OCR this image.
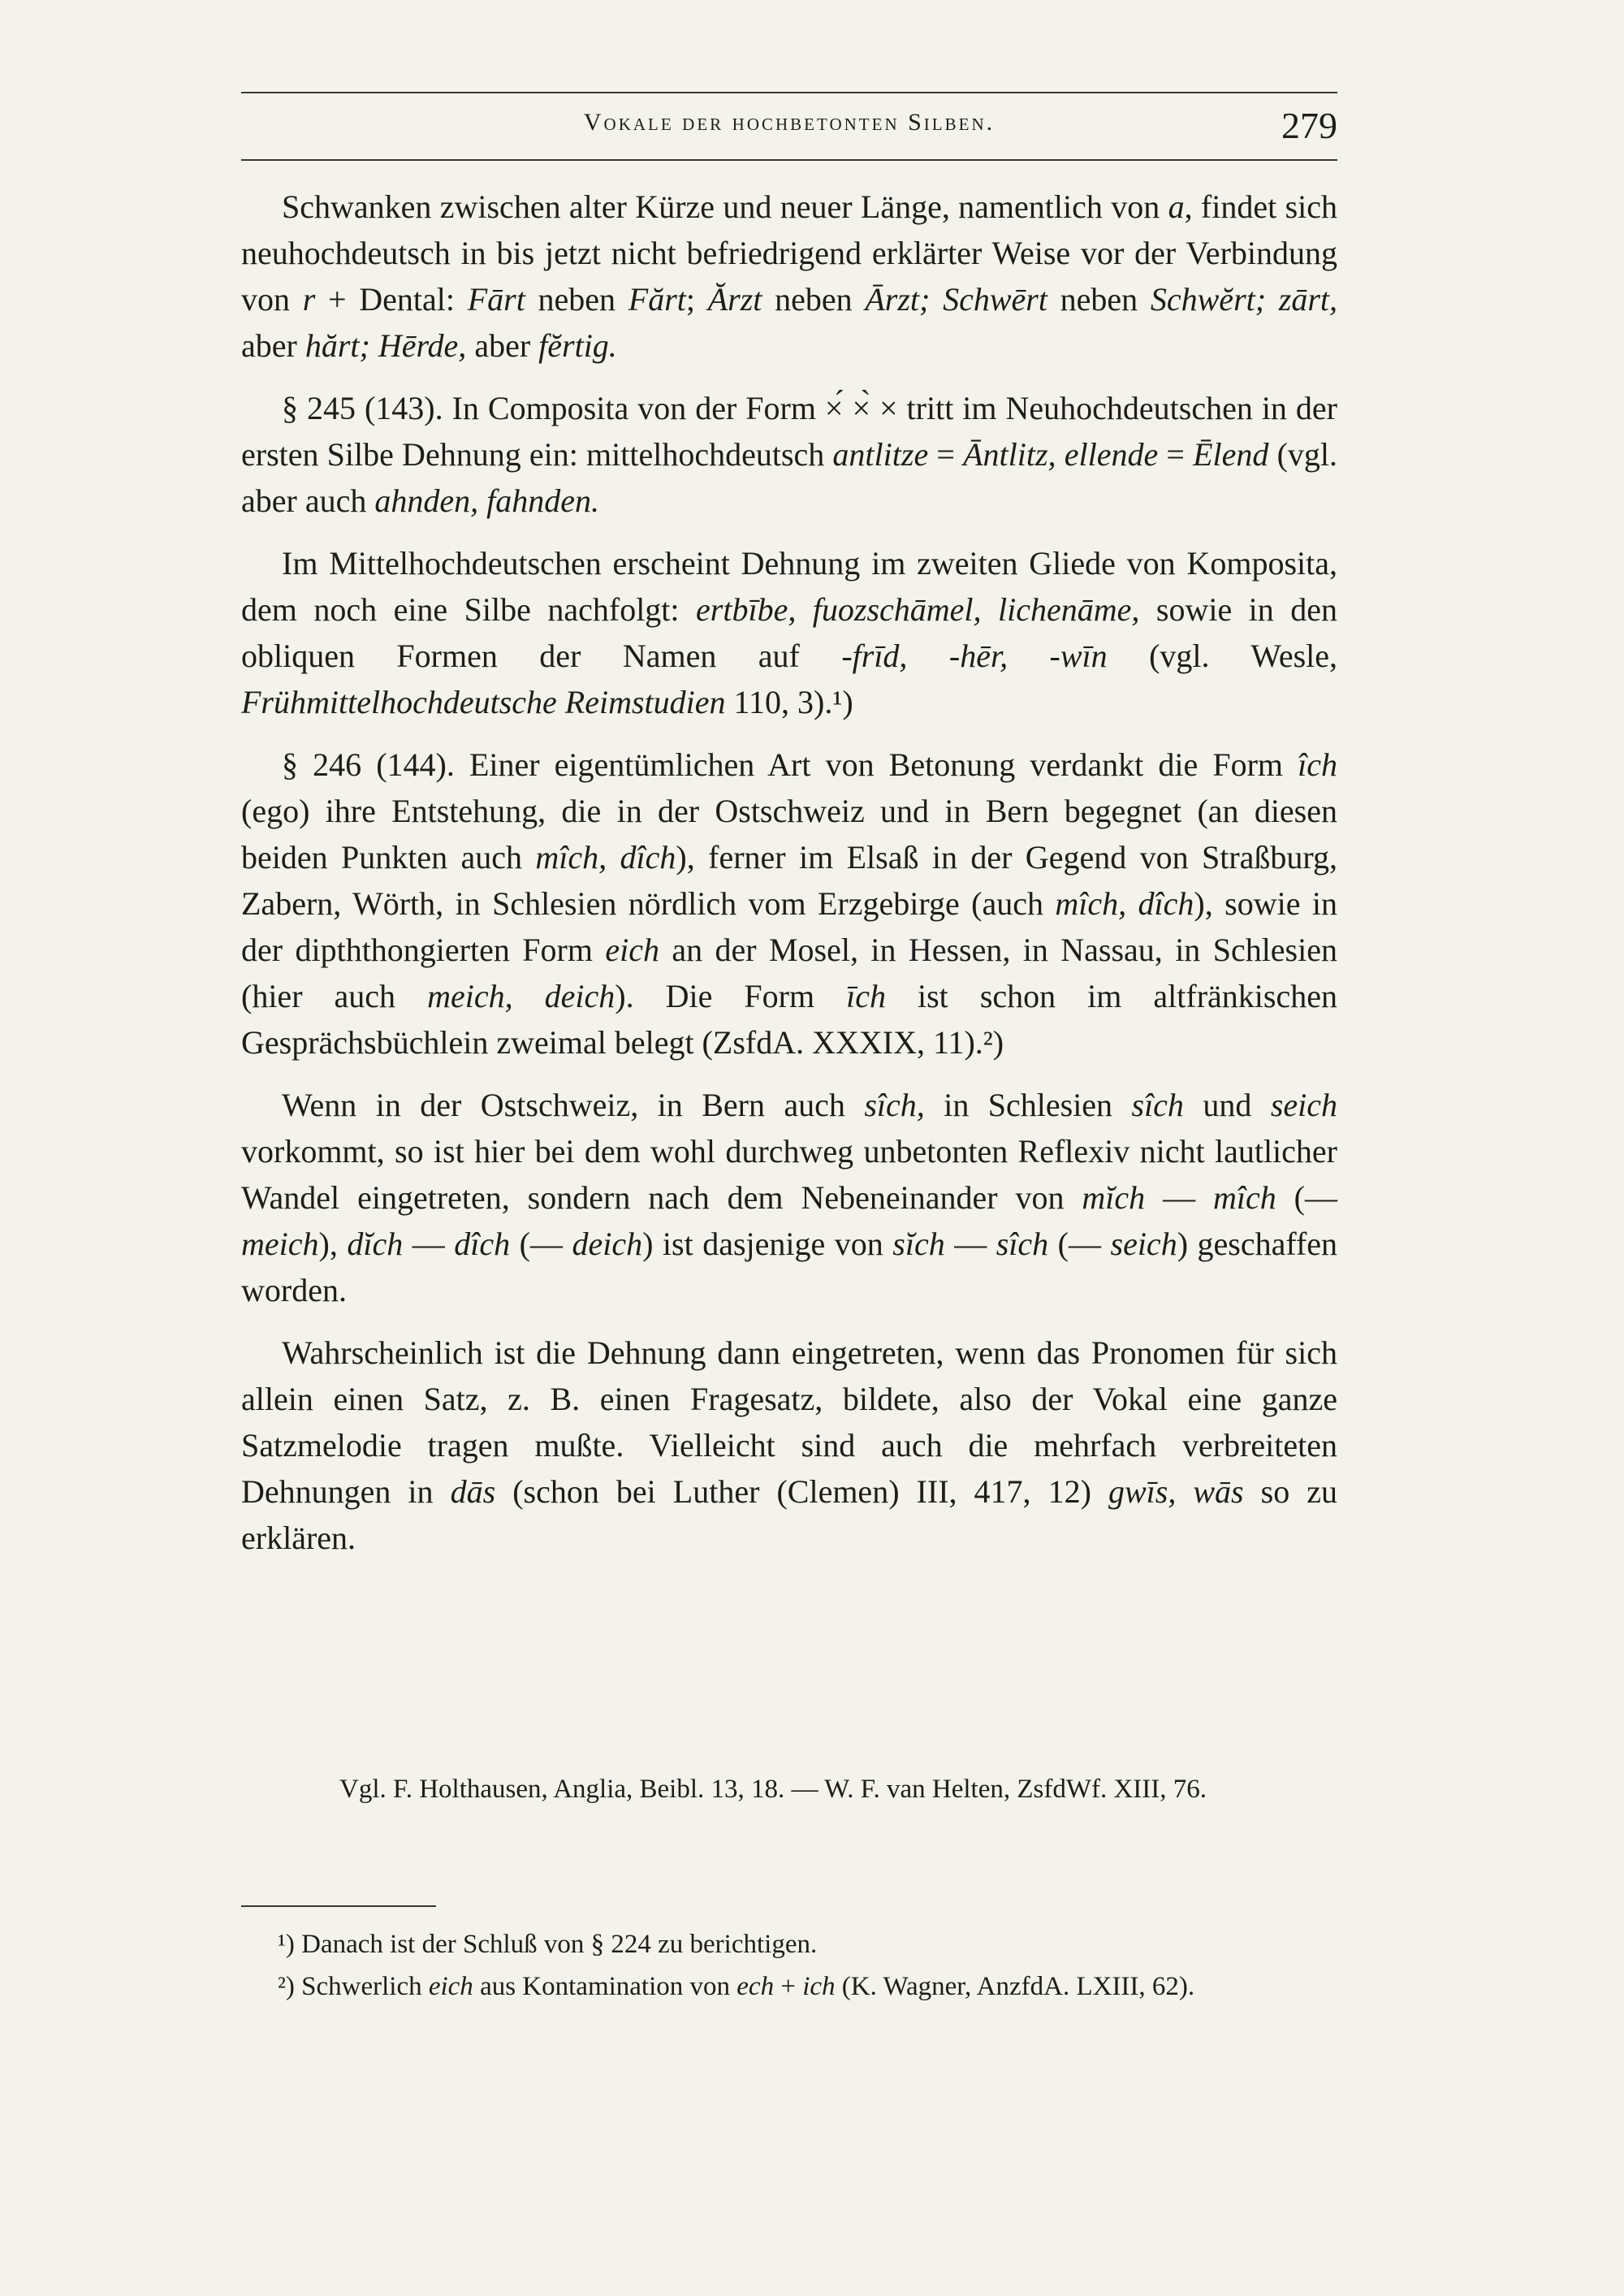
Vokale der hochbetonten Silben.	279

Schwanken zwischen alter Kürze und neuer Länge, namentlich von a, findet sich neuhochdeutsch in bis jetzt nicht befriedrigend erklärter Weise vor der Verbindung von r + Dental: Fārt neben Fărt; Ărzt neben Ārzt; Schwērt neben Schwĕrt; zārt, aber hărt; Hērde, aber fĕrtig.

§ 245 (143). In Composita von der Form ×́ ×̀ × tritt im Neuhochdeutschen in der ersten Silbe Dehnung ein: mittelhochdeutsch antlitze = Āntlitz, ellende = Ēlend (vgl. aber auch ahnden, fahnden.

Im Mittelhochdeutschen erscheint Dehnung im zweiten Gliede von Komposita, dem noch eine Silbe nachfolgt: ertbībe, fuozschāmel, lichenāme, sowie in den obliquen Formen der Namen auf -frīd, -hēr, -wīn (vgl. Wesle, Frühmittelhochdeutsche Reimstudien 110, 3).¹)

§ 246 (144). Einer eigentümlichen Art von Betonung verdankt die Form îch (ego) ihre Entstehung, die in der Ostschweiz und in Bern begegnet (an diesen beiden Punkten auch mîch, dîch), ferner im Elsaß in der Gegend von Straßburg, Zabern, Wörth, in Schlesien nördlich vom Erzgebirge (auch mîch, dîch), sowie in der dipththongierten Form eich an der Mosel, in Hessen, in Nassau, in Schlesien (hier auch meich, deich). Die Form īch ist schon im altfränkischen Gesprächsbüchlein zweimal belegt (ZsfdA. XXXIX, 11).²)

Wenn in der Ostschweiz, in Bern auch sîch, in Schlesien sîch und seich vorkommt, so ist hier bei dem wohl durchweg unbetonten Reflexiv nicht lautlicher Wandel eingetreten, sondern nach dem Nebeneinander von mĭch — mîch (— meich), dĭch — dîch (— deich) ist dasjenige von sĭch — sîch (— seich) geschaffen worden.

Wahrscheinlich ist die Dehnung dann eingetreten, wenn das Pronomen für sich allein einen Satz, z. B. einen Fragesatz, bildete, also der Vokal eine ganze Satzmelodie tragen mußte. Vielleicht sind auch die mehrfach verbreiteten Dehnungen in dās (schon bei Luther (Clemen) III, 417, 12) gwīs, wās so zu erklären.

Vgl. F. Holthausen, Anglia, Beibl. 13, 18. — W. F. van Helten, ZsfdWf. XIII, 76.

¹) Danach ist der Schluß von § 224 zu berichtigen.

²) Schwerlich eich aus Kontamination von ech + ich (K. Wagner, AnzfdA. LXIII, 62).
